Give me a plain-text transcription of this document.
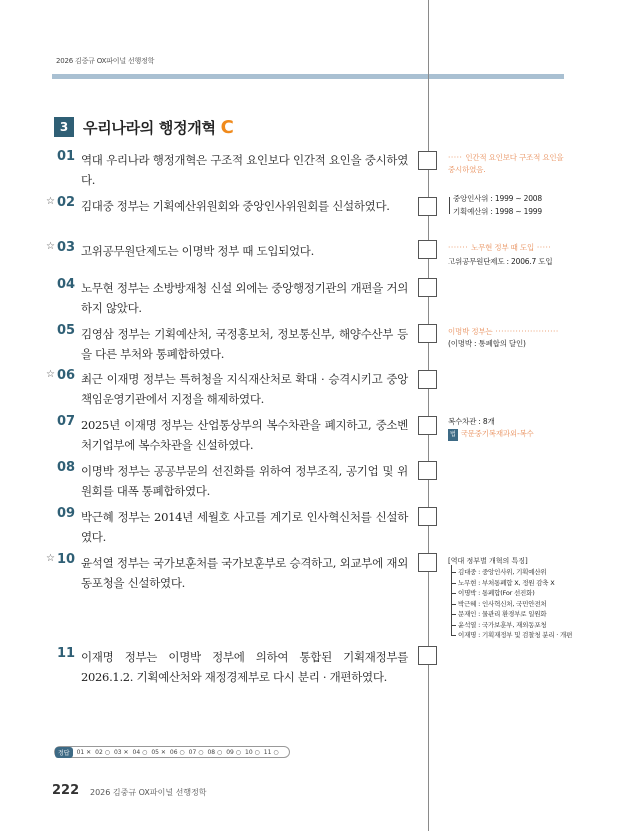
2026 김중규 OX파이널 선행정학
3 우리나라의 행정개혁 C
01 역대 우리나라 행정개혁은 구조적 요인보다 인간적 요인을 중시하였다.
☆ 02 김대중 정부는 기획예산위원회와 중앙인사위원회를 신설하였다.
☆ 03 고위공무원단제도는 이명박 정부 때 도입되었다.
04 노무현 정부는 소방방재청 신설 외에는 중앙행정기관의 개편을 거의 하지 않았다.
05 김영삼 정부는 기획예산처, 국정홍보처, 정보통신부, 해양수산부 등을 다른 부처와 통폐합하였다.
☆ 06 최근 이재명 정부는 특허청을 지식재산처로 확대 · 승격시키고 중앙책임운영기관에서 지정을 해제하였다.
07 2025년 이재명 정부는 산업통상부의 복수차관을 폐지하고, 중소벤처기업부에 복수차관을 신설하였다.
08 이명박 정부는 공공부문의 선진화를 위하여 정부조직, 공기업 및 위원회를 대폭 통폐합하였다.
09 박근혜 정부는 2014년 세월호 사고를 계기로 인사혁신처를 신설하였다.
☆ 10 윤석열 정부는 국가보훈처를 국가보훈부로 승격하고, 외교부에 재외동포청을 신설하였다.
11 이재명 정부는 이명박 정부에 의하여 통합된 기획재정부를 2026.1.2. 기획예산처와 재정경제부로 다시 분리 · 개편하였다.
····· 인간적 요인보다 구조적 요인을 중시하였음.
중앙인사위 : 1999 ~ 2008
기획예산위 : 1998 ~ 1999
······· 노무현 정부 때 도입 ·····
고위공무원단제도 : 2006.7 도입
이명박 정부는 ······················
(이명박 : 통폐합의 달인)
복수차관 : 8개
법 국문중기복재과외-복수
[역대 정부별 개혁의 특징]
김대중 : 중앙인사위, 기획예산위
노무현 : 부처통폐합 X, 정원 감축 X
이명박 : 통폐합(For 선진화)
박근혜 : 인사혁신처, 국민안전처
문재인 : 물관리 환경부로 일원화
윤석열 : 국가보훈부, 재외동포청
이재명 : 기획재정부 및 검찰청 분리 · 개편
정답	01 ✕ 02 ○ 03 ✕ 04 ○ 05 ✕ 06 ○ 07 ○ 08 ○ 09 ○ 10 ○ 11 ○
222 2026 김중규 OX파이널 선행정학
